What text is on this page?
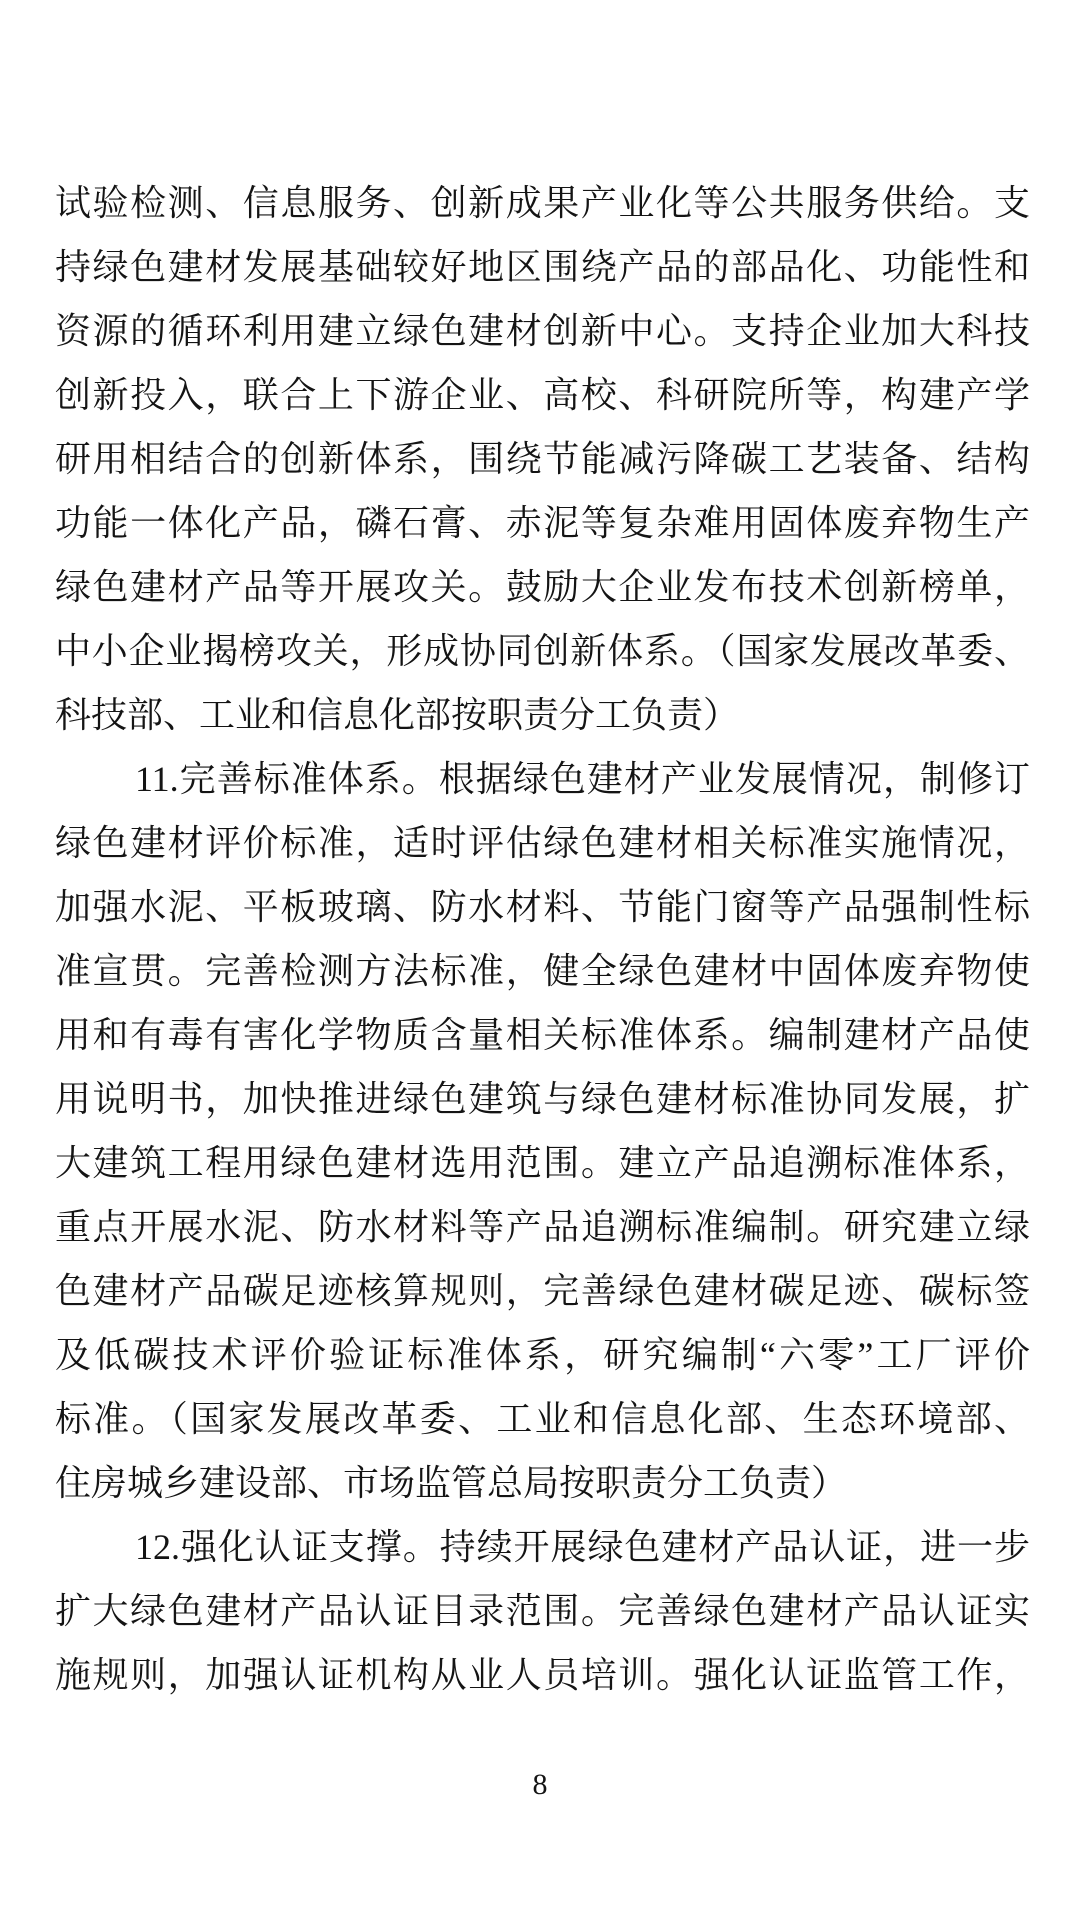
试验检测、信息服务、创新成果产业化等公共服务供给。支
持绿色建材发展基础较好地区围绕产品的部品化、功能性和
资源的循环利用建立绿色建材创新中心。支持企业加大科技
创新投入，联合上下游企业、高校、科研院所等，构建产学
研用相结合的创新体系，围绕节能减污降碳工艺装备、结构
功能一体化产品，磷石膏、赤泥等复杂难用固体废弃物生产
绿色建材产品等开展攻关。鼓励大企业发布技术创新榜单，
中小企业揭榜攻关，形成协同创新体系。（国家发展改革委、
科技部、工业和信息化部按职责分工负责）
11.完善标准体系。根据绿色建材产业发展情况，制修订
绿色建材评价标准，适时评估绿色建材相关标准实施情况，
加强水泥、平板玻璃、防水材料、节能门窗等产品强制性标
准宣贯。完善检测方法标准，健全绿色建材中固体废弃物使
用和有毒有害化学物质含量相关标准体系。编制建材产品使
用说明书，加快推进绿色建筑与绿色建材标准协同发展，扩
大建筑工程用绿色建材选用范围。建立产品追溯标准体系，
重点开展水泥、防水材料等产品追溯标准编制。研究建立绿
色建材产品碳足迹核算规则，完善绿色建材碳足迹、碳标签
及低碳技术评价验证标准体系，研究编制“六零”工厂评价
标准。（国家发展改革委、工业和信息化部、生态环境部、
住房城乡建设部、市场监管总局按职责分工负责）
12.强化认证支撑。持续开展绿色建材产品认证，进一步
扩大绿色建材产品认证目录范围。完善绿色建材产品认证实
施规则，加强认证机构从业人员培训。强化认证监管工作，
8
